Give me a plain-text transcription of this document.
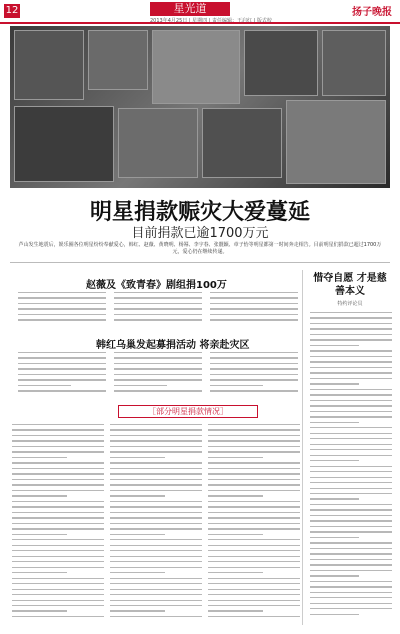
12	星光道
2013年4月25日 | 星期四 | 责任编辑：王启红 | 版式校
扬子晚报
明星捐款赈灾大爱蔓延
目前捐款已逾1700万元
芦山发生地震后，娱乐圈各位明星纷纷奉献爱心，韩红、赵薇、黄晓明、杨幂、李宇春、张靓颖、章子怡等明星都第一时间奔走相告。目前明星们捐款已超过1700万元，爱心仍在继续传递。
赵薇及《致青春》剧组捐100万
韩红乌巢发起募捐活动 将亲赴灾区
惜夺自愿 才是慈善本义
特约评论员
［部分明星捐款情况］
